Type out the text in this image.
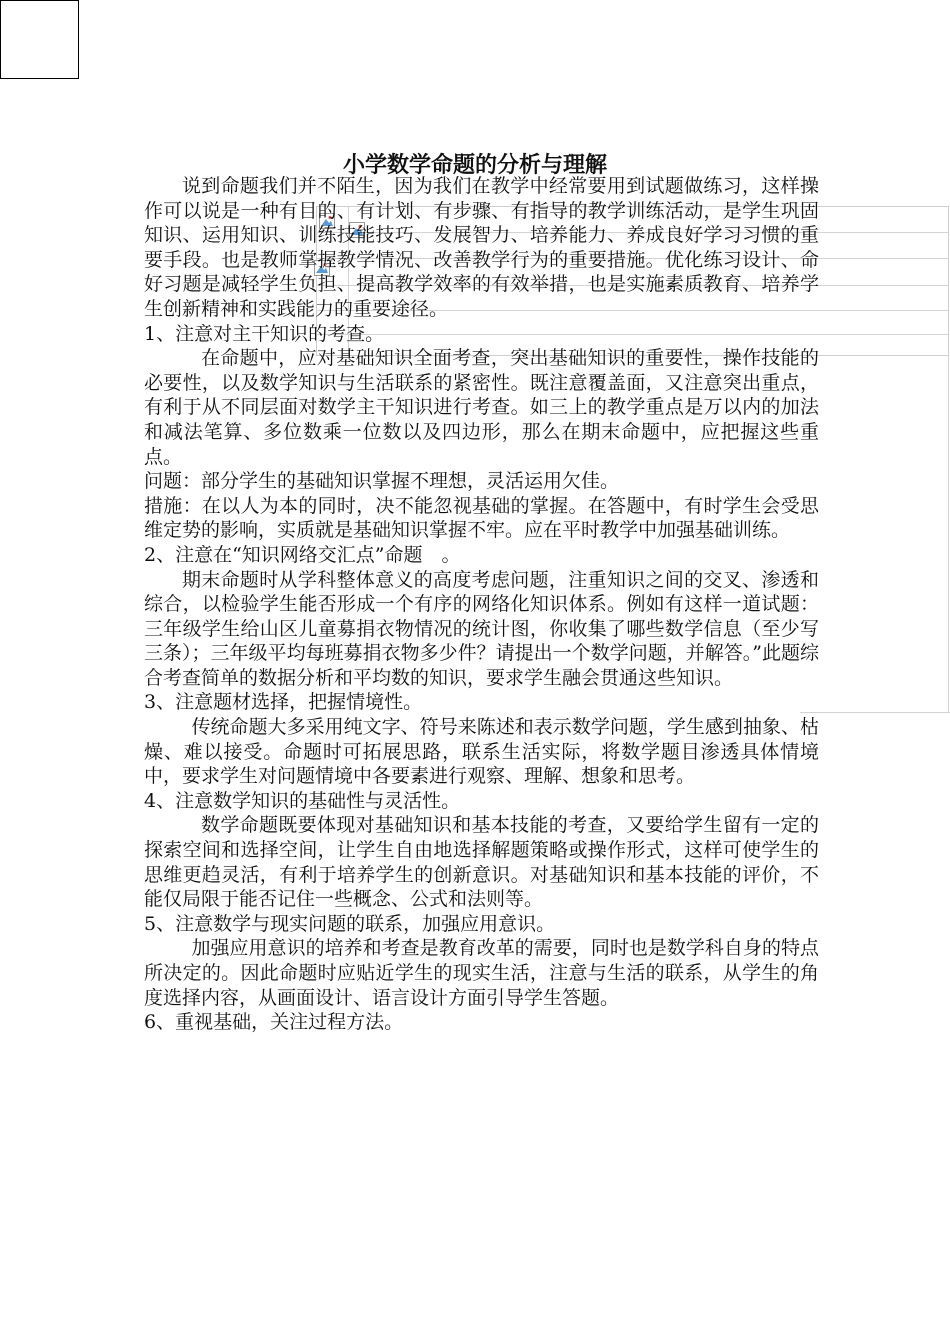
小学数学命题的分析与理解

说到命题我们并不陌生，因为我们在教学中经常要用到试题做练习，这样操作可以说是一种有目的、有计划、有步骤、有指导的教学训练活动，是学生巩固知识、运用知识、训练技能技巧、发展智力、培养能力、养成良好学习习惯的重要手段。也是教师掌握教学情况、改善教学行为的重要措施。优化练习设计、命好习题是减轻学生负担、提高教学效率的有效举措，也是实施素质教育、培养学生创新精神和实践能力的重要途径。

1、注意对主干知识的考查。

在命题中，应对基础知识全面考查，突出基础知识的重要性，操作技能的必要性，以及数学知识与生活联系的紧密性。既注意覆盖面，又注意突出重点，有利于从不同层面对数学主干知识进行考查。如三上的教学重点是万以内的加法和减法笔算、多位数乘一位数以及四边形，那么在期末命题中，应把握这些重点。

问题：部分学生的基础知识掌握不理想，灵活运用欠佳。

措施：在以人为本的同时，决不能忽视基础的掌握。在答题中，有时学生会受思维定势的影响，实质就是基础知识掌握不牢。应在平时教学中加强基础训练。

2、注意在“知识网络交汇点”命题　。

期末命题时从学科整体意义的高度考虑问题，注重知识之间的交叉、渗透和综合，以检验学生能否形成一个有序的网络化知识体系。例如有这样一道试题：三年级学生给山区儿童募捐衣物情况的统计图，你收集了哪些数学信息（至少写三条）；三年级平均每班募捐衣物多少件？请提出一个数学问题，并解答。”此题综合考查简单的数据分析和平均数的知识，要求学生融会贯通这些知识。

3、注意题材选择，把握情境性。

传统命题大多采用纯文字、符号来陈述和表示数学问题，学生感到抽象、枯燥、难以接受。命题时可拓展思路，联系生活实际，将数学题目渗透具体情境中，要求学生对问题情境中各要素进行观察、理解、想象和思考。

4、注意数学知识的基础性与灵活性。

数学命题既要体现对基础知识和基本技能的考查，又要给学生留有一定的探索空间和选择空间，让学生自由地选择解题策略或操作形式，这样可使学生的思维更趋灵活，有利于培养学生的创新意识。对基础知识和基本技能的评价，不能仅局限于能否记住一些概念、公式和法则等。

5、注意数学与现实问题的联系，加强应用意识。

加强应用意识的培养和考查是教育改革的需要，同时也是数学科自身的特点所决定的。因此命题时应贴近学生的现实生活，注意与生活的联系，从学生的角度选择内容，从画面设计、语言设计方面引导学生答题。

6、重视基础，关注过程方法。
